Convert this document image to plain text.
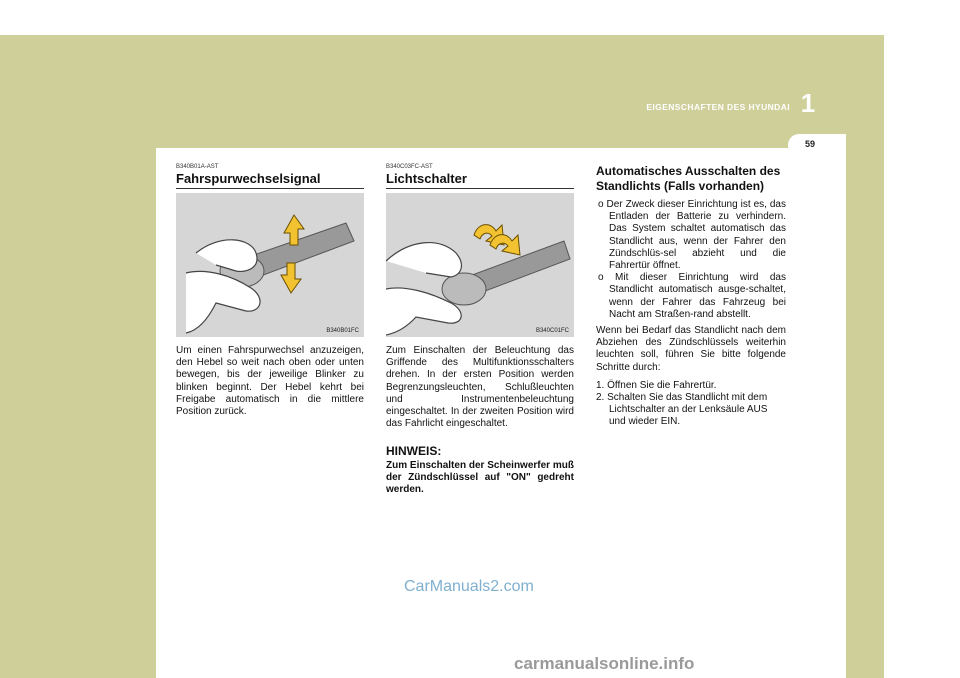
EIGENSCHAFTEN DES HYUNDAI 1
59
B340B01A-AST
Fahrspurwechselsignal
B340B01FC
Um einen Fahrspurwechsel anzuzeigen, den Hebel so weit nach oben oder unten bewegen, bis der jeweilige Blinker zu blinken beginnt. Der Hebel kehrt bei Freigabe automatisch in die mittlere Position zurück.
B340C03FC-AST
Lichtschalter
B340C01FC
Zum Einschalten der Beleuchtung das Griffende des Multifunktionsschalters drehen. In der ersten Position werden Begrenzungsleuchten, Schlußleuchten und Instrumentenbeleuchtung eingeschaltet. In der zweiten Position wird das Fahrlicht eingeschaltet.
HINWEIS:
Zum Einschalten der Scheinwerfer muß der Zündschlüssel auf "ON" gedreht werden.
Automatisches Ausschalten des Standlichts (Falls vorhanden)
o Der Zweck dieser Einrichtung ist es, das Entladen der Batterie zu verhindern. Das System schaltet automatisch das Standlicht aus, wenn der Fahrer den Zündschlüs-sel abzieht und die Fahrertür öffnet.
o Mit dieser Einrichtung wird das Standlicht automatisch ausge-schaltet, wenn der Fahrer das Fahrzeug bei Nacht am Straßen-rand abstellt.
Wenn bei Bedarf das Standlicht nach dem Abziehen des Zündschlüssels weiterhin leuchten soll, führen Sie bitte folgende Schritte durch:
1. Öffnen Sie die Fahrertür.
2. Schalten Sie das Standlicht mit dem Lichtschalter an der Lenksäule AUS und wieder EIN.
CarManuals2.com
carmanualsonline.info
